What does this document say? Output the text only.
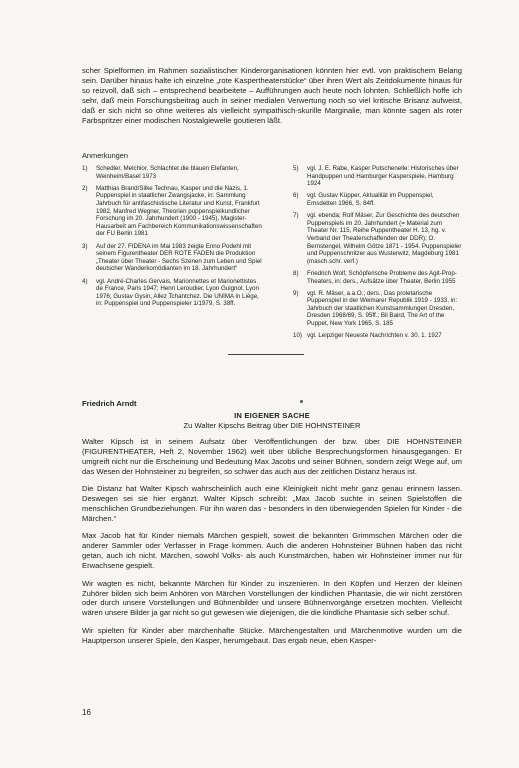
scher Spielformen im Rahmen sozialistischer Kinderorganisationen könnten hier evtl. von praktischem Belang sein. Darüber hinaus halte ich einzelne „rote Kaspertheaterstücke“ über ihren Wert als Zeitdokumente hinaus für so reizvoll, daß sich – entsprechend bearbeitete – Aufführungen auch heute noch lohnten. Schließlich hoffe ich sehr, daß mein Forschungsbeitrag auch in seiner medialen Verwertung noch so viel kritische Brisanz aufweist, daß er sich nicht so ohne weiteres als vielleicht sympathisch-skurille Marginalie, man könnte sagen als roter Farbspritzer einer modischen Nostalgiewelle goutieren läßt.

Anmerkungen

1)	Schedler, Melchior, Schlachtet die blauen Elefanten, Weinheim/Basel 1973
2)	Matthias Brand/Silke Technau, Kasper und die Nazis, 1. Puppenspiel in staatlicher Zwangsjacke, in: Sammlung Jahrbuch für antifaschistische Literatur und Kunst, Frankfurt 1982. Manfred Wegner, Theorien puppenspielkundlicher Forschung im 20. Jahrhundert (1900 - 1945), Magister-Hausarbeit am Fachbereich Kommunikationswissenschaften der FU Berlin 1981
3)	Auf der 27. FIDENA im Mai 1983 zeigte Enno Podehl mit seinem Figurentheater DER ROTE FADEN die Produktion „Theater über Theater - Sechs Szenen zum Leben und Spiel deutscher Wanderkomödianten im 18. Jahrhundert“
4)	vgl. André-Charles Gervais, Marionnettes et Marionettistes de France, Paris 1947; Henri Leroudier, Lyon Guignol, Lyon 1976; Gustav Gysin, Allez Tchantchez. Die UNIMA in Liège, in: Puppenspiel und Puppenspieler 1/1979, S. 38ff.
5)	vgl. J. E. Rabe, Kasper Putschenelle: Historisches über Handpuppen und Hamburger Kasperspiele, Hamburg 1924
6)	vgl. Gustav Küpper, Aktualität im Puppenspiel, Emsdetten 1966, S. 84ff.
7)	vgl. ebenda; Rolf Mäser, Zur Geschichte des deutschen Puppenspiels im 20. Jahrhundert (= Material zum Theater Nr. 115, Reihe Puppentheater H. 13, hg. v. Verband der Theaterschaffenden der DDR); O. Bernstengel, Wilhelm Götze 1871 - 1954. Puppenspieler und Puppenschnitzer aus Wusterwitz, Magdeburg 1981 (masch.schr. verf.)
8)	Friedrich Wolf, Schöpferische Probleme des Agit-Prop-Theaters, in: ders., Aufsätze über Theater, Berlin 1955
9)	vgl. R. Mäser, a.a.O.; ders., Das proletarische Puppenspiel in der Weimarer Republik 1919 - 1933, in: Jahrbuch der staatlichen Kunstsammlungen Dresden, Dresden 1968/69, S. 95ff.; Bil Baird, The Art of the Puppet, New York 1965, S. 185
10) vgl. Leipziger Neueste Nachrichten v. 30. 1. 1927

Friedrich Arndt

IN EIGENER SACHE

Zu Walter Kipschs Beitrag über DIE HOHNSTEINER

Walter Kipsch ist in seinem Aufsatz über Veröffentlichungen der bzw. über DIE HOHNSTEINER (FIGURENTHEATER, Heft 2, November 1962) weit über übliche Besprechungsformen hinausgegangen. Er umgreift nicht nur die Erscheinung und Bedeutung Max Jacobs und seiner Bühnen, sondern zeigt Wege auf, um das Wesen der Hohnsteiner zu begreifen, so schwer das auch aus der zeitlichen Distanz heraus ist.

Die Distanz hat Walter Kipsch wahrscheinlich auch eine Kleinigkeit nicht mehr ganz genau erinnern lassen. Deswegen sei sie hier ergänzt. Walter Kipsch schreibt: „Max Jacob suchte in seinen Spielstoffen die menschlichen Grundbeziehungen. Für ihn waren das - besonders in den überwiegenden Spielen für Kinder - die Märchen.“

Max Jacob hat für Kinder niemals Märchen gespielt, soweit die bekannten Grimmschen Märchen oder die anderer Sammler oder Verfasser in Frage kommen. Auch die anderen Hohnsteiner Bühnen haben das nicht getan, auch ich nicht. Märchen, sowohl Volks- als auch Kunstmärchen, haben wir Hohnsteiner immer nur für Erwachsene gespielt.

Wir wagten es nicht, bekannte Märchen für Kinder zu inszenieren. In den Köpfen und Herzen der kleinen Zuhörer bilden sich beim Anhören von Märchen Vorstellungen der kindlichen Phantasie, die wir nicht zerstören oder durch unsere Vorstellungen und Bühnenbilder und unsere Bühnenvorgänge ersetzen mochten. Vielleicht wären unsere Bilder ja gar nicht so gut gewesen wie diejenigen, die die kindliche Phantasie sich selber schuf.

Wir spielten für Kinder aber märchenhafte Stücke. Märchengestalten und Märchenmotive wurden um die Hauptperson unserer Spiele, den Kasper, herumgebaut. Das ergab neue, eben Kasper-

16
